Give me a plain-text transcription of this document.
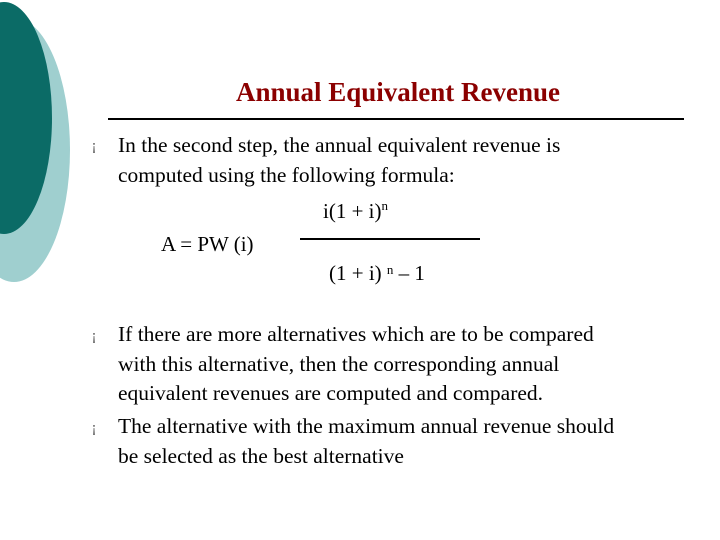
Annual Equivalent Revenue
¡	In the second step, the annual equivalent revenue is
computed using the following formula:
$i(1 + i)^n$
A = PW (i)
(1 + i) $^n$ – 1
¡	If there are more alternatives which are to be compared
with this alternative, then the corresponding annual
equivalent revenues are computed and compared.
¡	The alternative with the maximum annual revenue should
be selected as the best alternative
